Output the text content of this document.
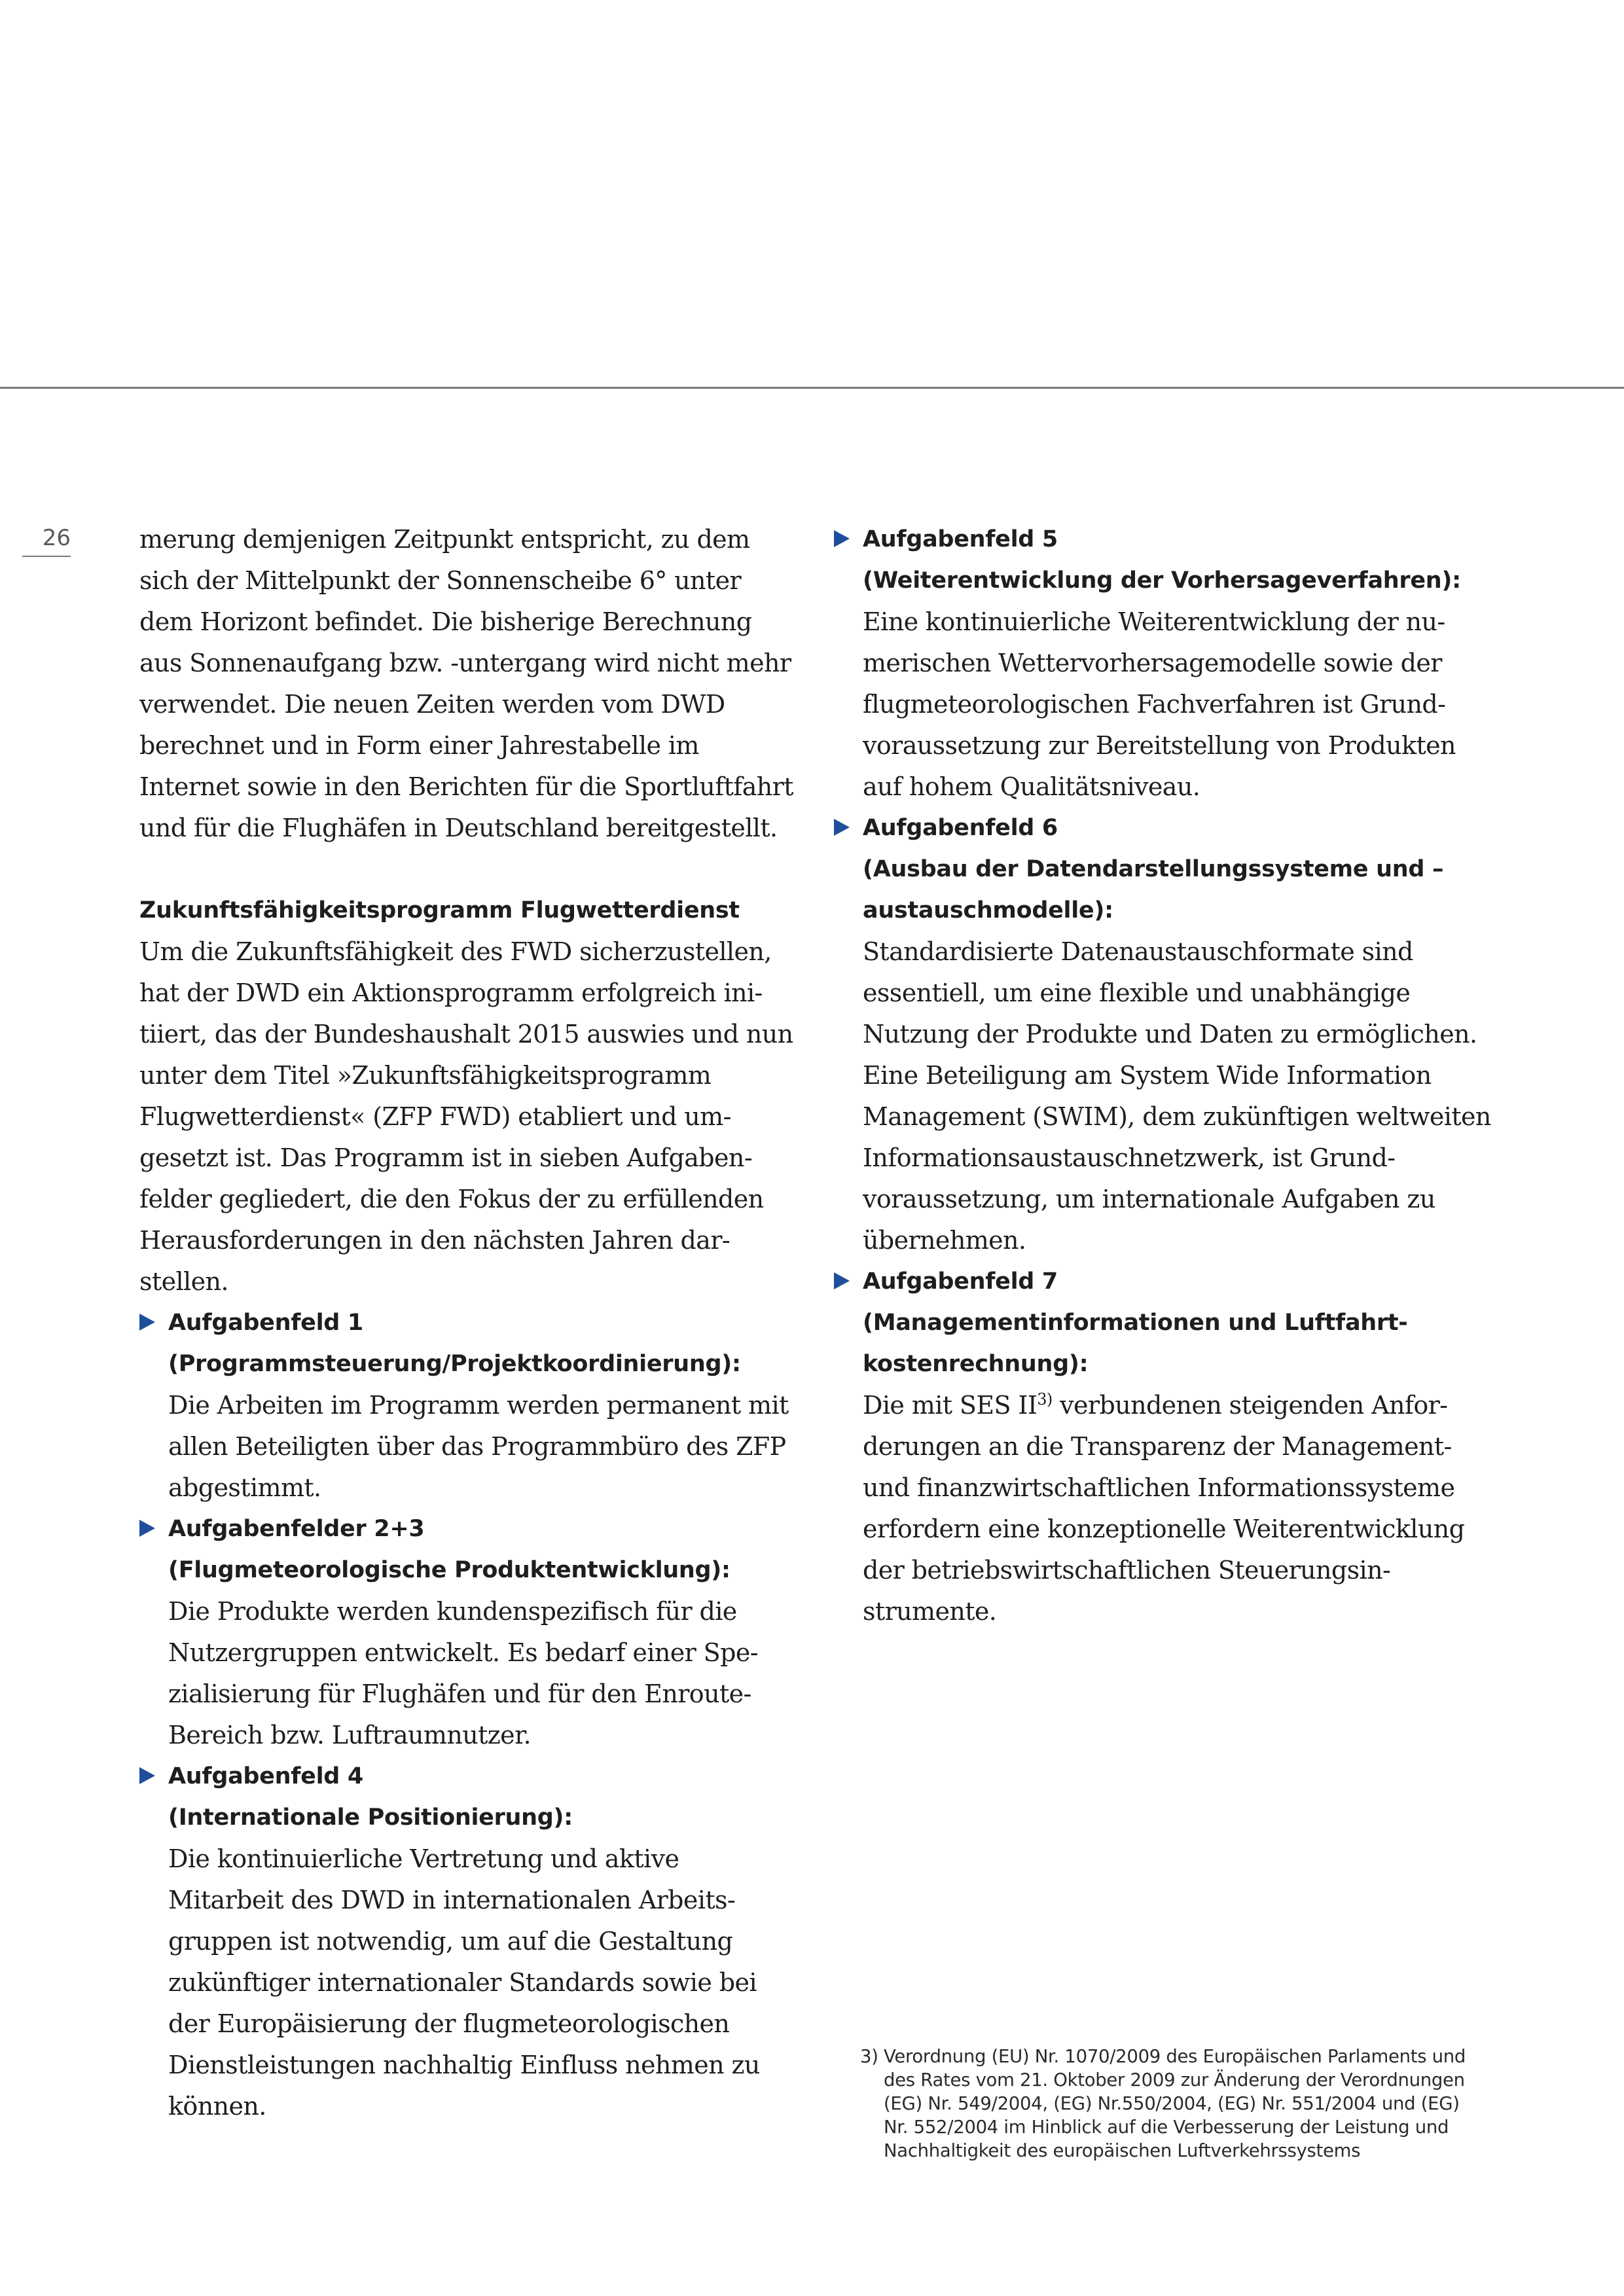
26	merung demjenigen Zeitpunkt entspricht, zu dem sich der Mittelpunkt der Sonnenscheibe 6° unter dem Horizont befindet. Die bisherige Berechnung aus Sonnenaufgang bzw. -untergang wird nicht mehr verwendet. Die neuen Zeiten werden vom DWD berechnet und in Form einer Jahrestabelle im Internet sowie in den Berichten für die Sportluftfahrt und für die Flughäfen in Deutschland bereitgestellt.

Zukunftsfähigkeitsprogramm Flugwetterdienst

Um die Zukunftsfähigkeit des FWD sicherzustellen, hat der DWD ein Aktionsprogramm erfolgreich initiiert, das der Bundeshaushalt 2015 auswies und nun unter dem Titel »Zukunftsfähigkeitsprogramm Flugwetterdienst« (ZFP FWD) etabliert und umgesetzt ist. Das Programm ist in sieben Aufgabenfelder gegliedert, die den Fokus der zu erfüllenden Herausforderungen in den nächsten Jahren darstellen.

Aufgabenfeld 1

(Programmsteuerung/Projektkoordinierung):

Die Arbeiten im Programm werden permanent mit allen Beteiligten über das Programmbüro des ZFP abgestimmt.

Aufgabenfelder 2+3

(Flugmeteorologische Produktentwicklung):

Die Produkte werden kundenspezifisch für die Nutzergruppen entwickelt. Es bedarf einer Spezialisierung für Flughäfen und für den Enroute-Bereich bzw. Luftraumnutzer.

Aufgabenfeld 4

(Internationale Positionierung):

Die kontinuierliche Vertretung und aktive Mitarbeit des DWD in internationalen Arbeitsgruppen ist notwendig, um auf die Gestaltung zukünftiger internationaler Standards sowie bei der Europäisierung der flugmeteorologischen Dienstleistungen nachhaltig Einfluss nehmen zu können.

Aufgabenfeld 5

(Weiterentwicklung der Vorhersageverfahren):

Eine kontinuierliche Weiterentwicklung der numerischen Wettervorhersagemodelle sowie der flugmeteorologischen Fachverfahren ist Grundvoraussetzung zur Bereitstellung von Produkten auf hohem Qualitätsniveau.

Aufgabenfeld 6

(Ausbau der Datendarstellungssysteme und –austauschmodelle):

Standardisierte Datenaustauschformate sind essentiell, um eine flexible und unabhängige Nutzung der Produkte und Daten zu ermöglichen. Eine Beteiligung am System Wide Information Management (SWIM), dem zukünftigen weltweiten Informationsaustauschnetzwerk, ist Grundvoraussetzung, um internationale Aufgaben zu übernehmen.

Aufgabenfeld 7

(Managementinformationen und Luftfahrtkostenrechnung):

Die mit SES II$^{3)}$ verbundenen steigenden Anforderungen an die Transparenz der Management- und finanzwirtschaftlichen Informationssysteme erfordern eine konzeptionelle Weiterentwicklung der betriebswirtschaftlichen Steuerungsinstrumente.

3) Verordnung (EU) Nr. 1070/2009 des Europäischen Parlaments und des Rates vom 21. Oktober 2009 zur Änderung der Verordnungen (EG) Nr. 549/2004, (EG) Nr.550/2004, (EG) Nr. 551/2004 und (EG) Nr. 552/2004 im Hinblick auf die Verbesserung der Leistung und Nachhaltigkeit des europäischen Luftverkehrssystems
